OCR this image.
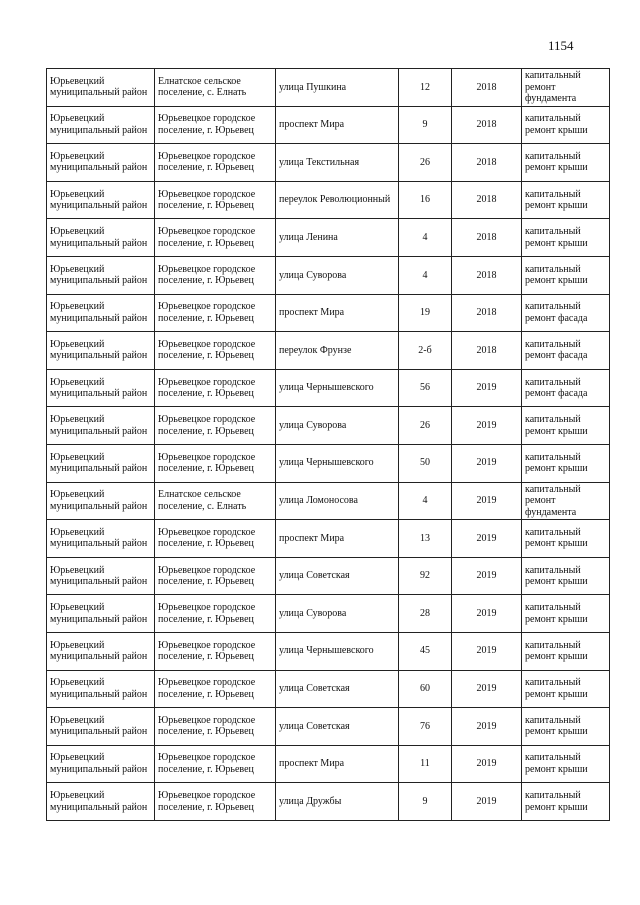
1154
Юрьевецкий муниципальный район	Елнатское сельское поселение, с. Елнать	улица Пушкина	12	2018	капитальный ремонт фундамента
Юрьевецкий муниципальный район	Юрьевецкое городское поселение, г. Юрьевец	проспект Мира	9	2018	капитальный ремонт крыши
Юрьевецкий муниципальный район	Юрьевецкое городское поселение, г. Юрьевец	улица Текстильная	26	2018	капитальный ремонт крыши
Юрьевецкий муниципальный район	Юрьевецкое городское поселение, г. Юрьевец	переулок Революционный	16	2018	капитальный ремонт крыши
Юрьевецкий муниципальный район	Юрьевецкое городское поселение, г. Юрьевец	улица Ленина	4	2018	капитальный ремонт крыши
Юрьевецкий муниципальный район	Юрьевецкое городское поселение, г. Юрьевец	улица Суворова	4	2018	капитальный ремонт крыши
Юрьевецкий муниципальный район	Юрьевецкое городское поселение, г. Юрьевец	проспект Мира	19	2018	капитальный ремонт фасада
Юрьевецкий муниципальный район	Юрьевецкое городское поселение, г. Юрьевец	переулок Фрунзе	2-б	2018	капитальный ремонт фасада
Юрьевецкий муниципальный район	Юрьевецкое городское поселение, г. Юрьевец	улица Чернышевского	56	2019	капитальный ремонт фасада
Юрьевецкий муниципальный район	Юрьевецкое городское поселение, г. Юрьевец	улица Суворова	26	2019	капитальный ремонт крыши
Юрьевецкий муниципальный район	Юрьевецкое городское поселение, г. Юрьевец	улица Чернышевского	50	2019	капитальный ремонт крыши
Юрьевецкий муниципальный район	Елнатское сельское поселение, с. Елнать	улица Ломоносова	4	2019	капитальный ремонт фундамента
Юрьевецкий муниципальный район	Юрьевецкое городское поселение, г. Юрьевец	проспект Мира	13	2019	капитальный ремонт крыши
Юрьевецкий муниципальный район	Юрьевецкое городское поселение, г. Юрьевец	улица Советская	92	2019	капитальный ремонт крыши
Юрьевецкий муниципальный район	Юрьевецкое городское поселение, г. Юрьевец	улица Суворова	28	2019	капитальный ремонт крыши
Юрьевецкий муниципальный район	Юрьевецкое городское поселение, г. Юрьевец	улица Чернышевского	45	2019	капитальный ремонт крыши
Юрьевецкий муниципальный район	Юрьевецкое городское поселение, г. Юрьевец	улица Советская	60	2019	капитальный ремонт крыши
Юрьевецкий муниципальный район	Юрьевецкое городское поселение, г. Юрьевец	улица Советская	76	2019	капитальный ремонт крыши
Юрьевецкий муниципальный район	Юрьевецкое городское поселение, г. Юрьевец	проспект Мира	11	2019	капитальный ремонт крыши
Юрьевецкий муниципальный район	Юрьевецкое городское поселение, г. Юрьевец	улица Дружбы	9	2019	капитальный ремонт крыши
